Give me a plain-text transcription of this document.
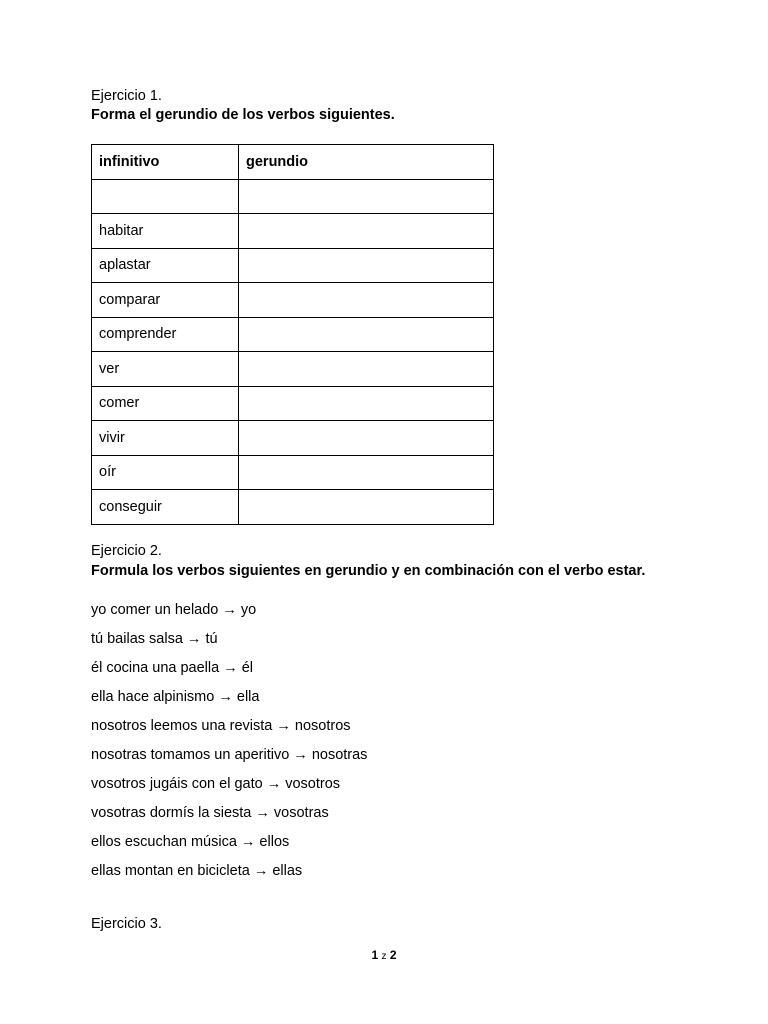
Ejercicio 1.
Forma el gerundio de los verbos siguientes.
infinitivo	gerundio

habitar	
aplastar	
comparar	
comprender	
ver	
comer	
vivir	
oír	
conseguir	
Ejercicio 2.
Formula los verbos siguientes en gerundio y en combinación con el verbo estar.
yo comer un helado → yo
tú bailas salsa → tú
él cocina una paella → él
ella hace alpinismo → ella
nosotros leemos una revista → nosotros
nosotras tomamos un aperitivo → nosotras
vosotros jugáis con el gato → vosotros
vosotras dormís la siesta → vosotras
ellos escuchan música → ellos
ellas montan en bicicleta → ellas
Ejercicio 3.
1 z 2
